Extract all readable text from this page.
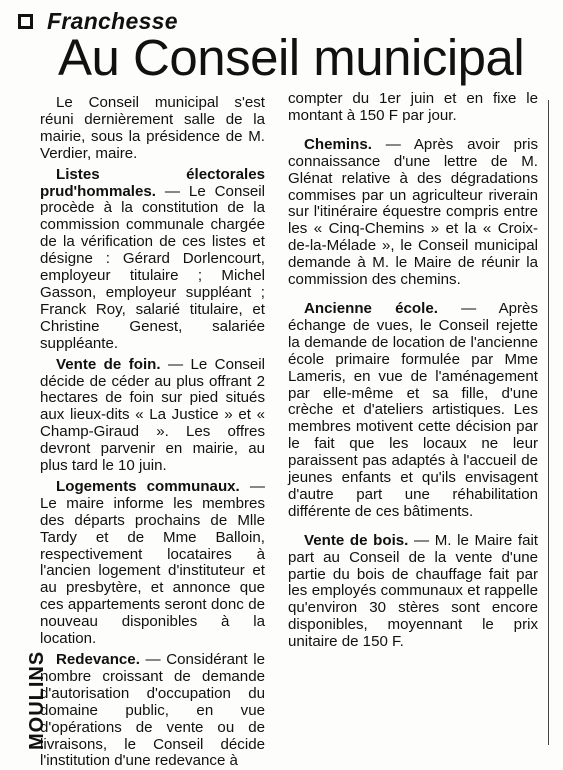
Franchesse
Au Conseil municipal

Le Conseil municipal s'est réuni dernièrement salle de la mairie, sous la présidence de M. Verdier, maire.

Listes électorales prud'hommales. — Le Conseil procède à la constitution de la commission communale chargée de la vérification de ces listes et désigne : Gérard Dorlencourt, employeur titulaire ; Michel Gasson, employeur suppléant ; Franck Roy, salarié titulaire, et Christine Genest, salariée suppléante.

Vente de foin. — Le Conseil décide de céder au plus offrant 2 hectares de foin sur pied situés aux lieux-dits « La Justice » et « Champ-Giraud ». Les offres devront parvenir en mairie, au plus tard le 10 juin.

Logements communaux. — Le maire informe les membres des départs prochains de Mlle Tardy et de Mme Balloin, respectivement locataires à l'ancien logement d'instituteur et au presbytère, et annonce que ces appartements seront donc de nouveau disponibles à la location.

Redevance. — Considérant le nombre croissant de demande d'autorisation d'occupation du domaine public, en vue d'opérations de vente ou de livraisons, le Conseil décide l'institution d'une redevance à

compter du 1er juin et en fixe le montant à 150 F par jour.

Chemins. — Après avoir pris connaissance d'une lettre de M. Glénat relative à des dégradations commises par un agriculteur riverain sur l'itinéraire équestre compris entre les « Cinq-Chemins » et la « Croix-de-la-Mélade », le Conseil municipal demande à M. le Maire de réunir la commission des chemins.

Ancienne école. — Après échange de vues, le Conseil rejette la demande de location de l'ancienne école primaire formulée par Mme Lameris, en vue de l'aménagement par elle-même et sa fille, d'une crèche et d'ateliers artistiques. Les membres motivent cette décision par le fait que les locaux ne leur paraissent pas adaptés à l'accueil de jeunes enfants et qu'ils envisagent d'autre part une réhabilitation différente de ces bâtiments.

Vente de bois. — M. le Maire fait part au Conseil de la vente d'une partie du bois de chauffage fait par les employés communaux et rappelle qu'environ 30 stères sont encore disponibles, moyennant le prix unitaire de 150 F.

MOULINS
